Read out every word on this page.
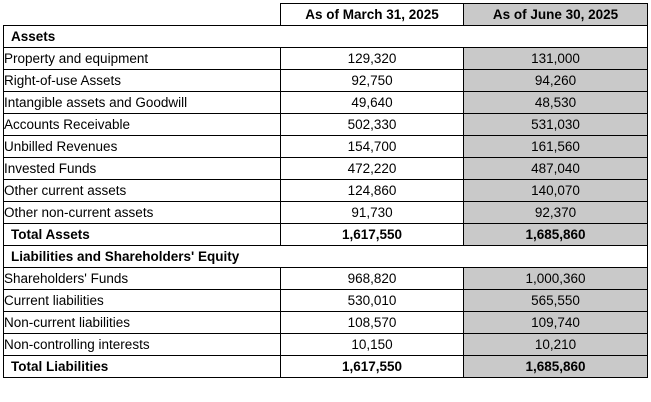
	As of March 31, 2025	As of June 30, 2025
Assets		
Property and equipment	129,320	131,000
Right-of-use Assets	92,750	94,260
Intangible assets and Goodwill	49,640	48,530
Accounts Receivable	502,330	531,030
Unbilled Revenues	154,700	161,560
Invested Funds	472,220	487,040
Other current assets	124,860	140,070
Other non-current assets	91,730	92,370
Total Assets	1,617,550	1,685,860
Liabilities and Shareholders' Equity		
Shareholders' Funds	968,820	1,000,360
Current liabilities	530,010	565,550
Non-current liabilities	108,570	109,740
Non-controlling interests	10,150	10,210
Total Liabilities	1,617,550	1,685,860
